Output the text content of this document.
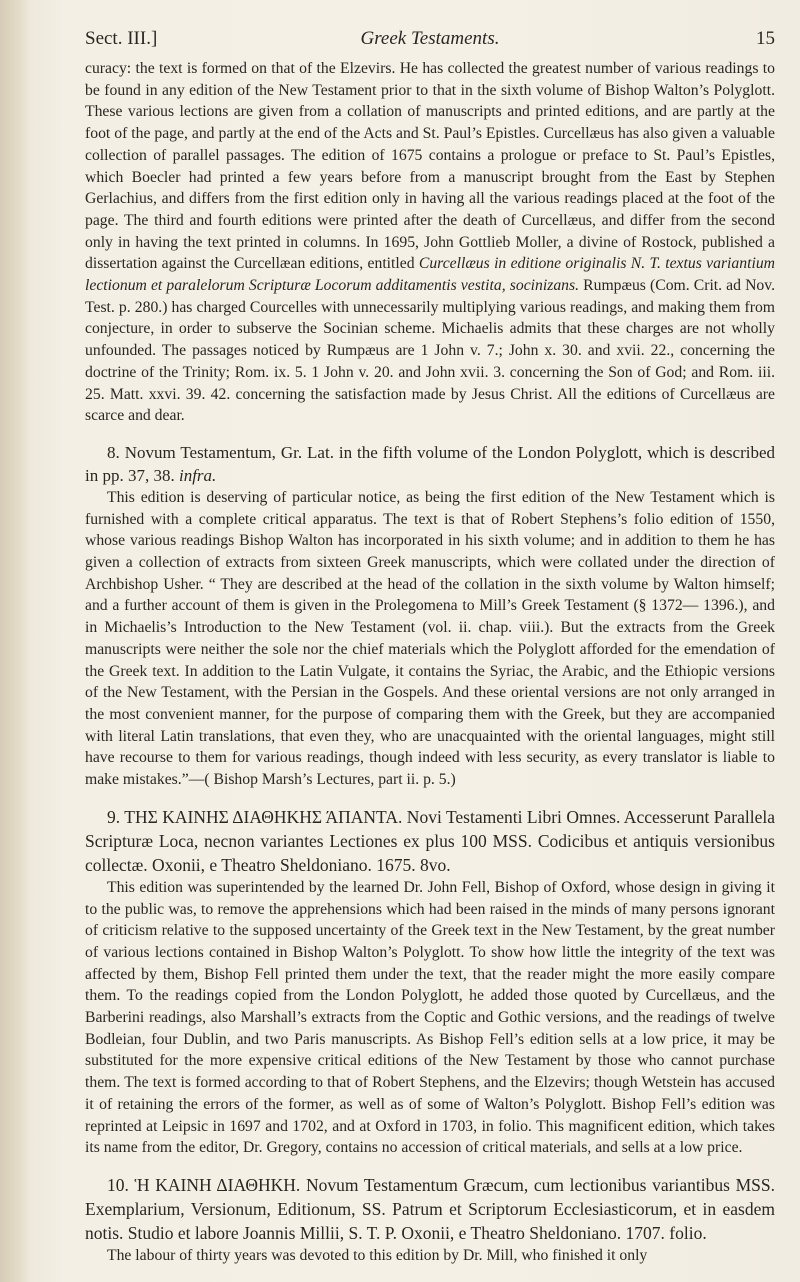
Sect. III.]	Greek Testaments.	15

curacy: the text is formed on that of the Elzevirs. He has collected the greatest number of various readings to be found in any edition of the New Testament prior to that in the sixth volume of Bishop Walton’s Polyglott. These various lections are given from a collation of manuscripts and printed editions, and are partly at the foot of the page, and partly at the end of the Acts and St. Paul’s Epistles. Curcellæus has also given a valuable collection of parallel passages. The edition of 1675 contains a prologue or preface to St. Paul’s Epistles, which Boecler had printed a few years before from a manuscript brought from the East by Stephen Gerlachius, and differs from the first edition only in having all the various readings placed at the foot of the page. The third and fourth editions were printed after the death of Curcellæus, and differ from the second only in having the text printed in columns. In 1695, John Gottlieb Moller, a divine of Rostock, published a dissertation against the Curcellæan editions, entitled Curcellæus in editione originalis N. T. textus variantium lectionum et paralelorum Scripturæ Locorum additamentis vestita, socinizans. Rumpæus (Com. Crit. ad Nov. Test. p. 280.) has charged Courcelles with unnecessarily multiplying various readings, and making them from conjecture, in order to subserve the Socinian scheme. Michaelis admits that these charges are not wholly unfounded. The passages noticed by Rumpæus are 1 John v. 7.; John x. 30. and xvii. 22., concerning the doctrine of the Trinity; Rom. ix. 5. 1 John v. 20. and John xvii. 3. concerning the Son of God; and Rom. iii. 25. Matt. xxvi. 39. 42. concerning the satisfaction made by Jesus Christ. All the editions of Curcellæus are scarce and dear.

8. Novum Testamentum, Gr. Lat. in the fifth volume of the London Polyglott, which is described in pp. 37, 38. infra.

This edition is deserving of particular notice, as being the first edition of the New Testament which is furnished with a complete critical apparatus. The text is that of Robert Stephens’s folio edition of 1550, whose various readings Bishop Walton has incorporated in his sixth volume; and in addition to them he has given a collection of extracts from sixteen Greek manuscripts, which were collated under the direction of Archbishop Usher. “ They are described at the head of the collation in the sixth volume by Walton himself; and a further account of them is given in the Prolegomena to Mill’s Greek Testament (§ 1372— 1396.), and in Michaelis’s Introduction to the New Testament (vol. ii. chap. viii.). But the extracts from the Greek manuscripts were neither the sole nor the chief materials which the Polyglott afforded for the emendation of the Greek text. In addition to the Latin Vulgate, it contains the Syriac, the Arabic, and the Ethiopic versions of the New Testament, with the Persian in the Gospels. And these oriental versions are not only arranged in the most convenient manner, for the purpose of comparing them with the Greek, but they are accompanied with literal Latin translations, that even they, who are unacquainted with the oriental languages, might still have recourse to them for various readings, though indeed with less security, as every translator is liable to make mistakes.”—( Bishop Marsh’s Lectures, part ii. p. 5.)

9. ΤΗΣ ΚΑΙΝΗΣ ΔΙΑΘΗΚΗΣ ΆΠΑΝΤΑ. Novi Testamenti Libri Omnes. Accesserunt Parallela Scripturæ Loca, necnon variantes Lectiones ex plus 100 MSS. Codicibus et antiquis versionibus collectæ. Oxonii, e Theatro Sheldoniano. 1675. 8vo.

This edition was superintended by the learned Dr. John Fell, Bishop of Oxford, whose design in giving it to the public was, to remove the apprehensions which had been raised in the minds of many persons ignorant of criticism relative to the supposed uncertainty of the Greek text in the New Testament, by the great number of various lections contained in Bishop Walton’s Polyglott. To show how little the integrity of the text was affected by them, Bishop Fell printed them under the text, that the reader might the more easily compare them. To the readings copied from the London Polyglott, he added those quoted by Curcellæus, and the Barberini readings, also Marshall’s extracts from the Coptic and Gothic versions, and the readings of twelve Bodleian, four Dublin, and two Paris manuscripts. As Bishop Fell’s edition sells at a low price, it may be substituted for the more expensive critical editions of the New Testament by those who cannot purchase them. The text is formed according to that of Robert Stephens, and the Elzevirs; though Wetstein has accused it of retaining the errors of the former, as well as of some of Walton’s Polyglott. Bishop Fell’s edition was reprinted at Leipsic in 1697 and 1702, and at Oxford in 1703, in folio. This magnificent edition, which takes its name from the editor, Dr. Gregory, contains no accession of critical materials, and sells at a low price.

10. Ἡ ΚΑΙΝΗ ΔΙΑΘΗΚΗ. Novum Testamentum Græcum, cum lectionibus variantibus MSS. Exemplarium, Versionum, Editionum, SS. Patrum et Scriptorum Ecclesiasticorum, et in easdem notis. Studio et labore Joannis Millii, S. T. P. Oxonii, e Theatro Sheldoniano. 1707. folio.

The labour of thirty years was devoted to this edition by Dr. Mill, who finished it only
